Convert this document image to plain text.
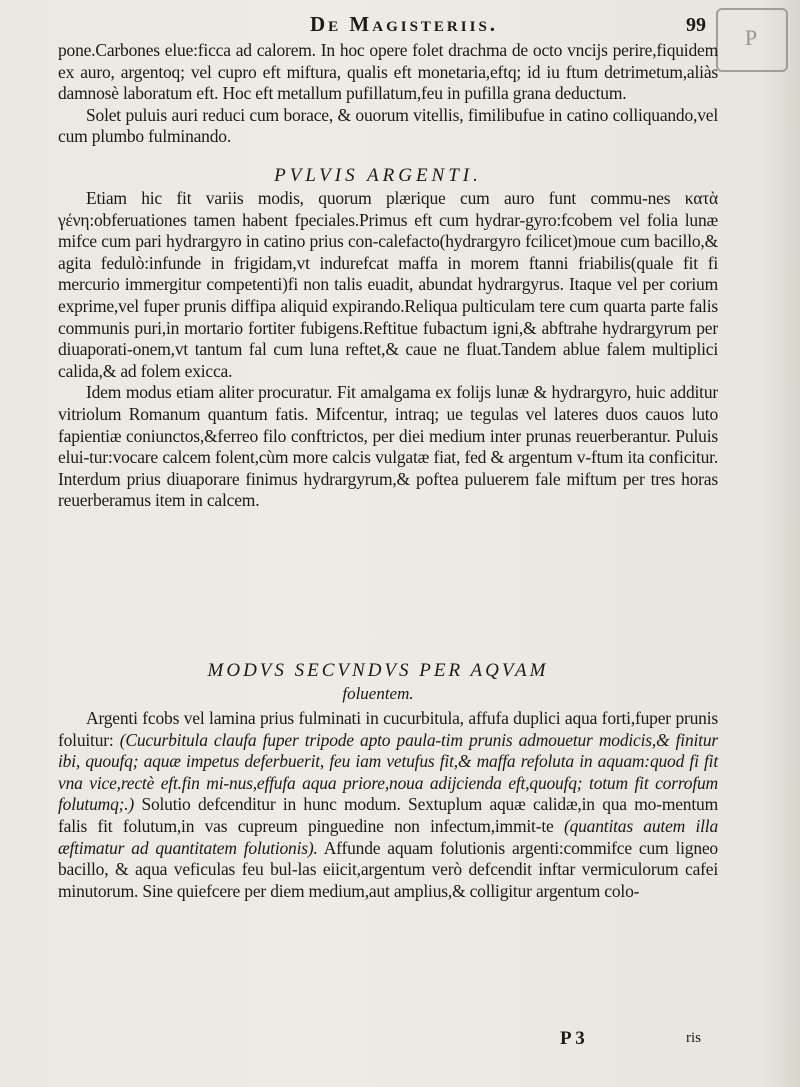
P
De Magisteriis.	99

pone.Carbones elue:ficca ad calorem. In hoc opere folet drachma de octo vncijs perire,fiquidem ex auro, argentoq; vel cupro eft miftura, qualis eft monetaria,eftq; id iu ftum detrimetum,aliàs damnosè laboratum eft. Hoc eft metallum pufillatum,feu in pufilla grana deductum.

Solet puluis auri reduci cum borace, & ouorum vitellis, fimilibufue in catino colliquando,vel cum plumbo fulminando.

PVLVIS ARGENTI.

Etiam hic fit variis modis, quorum plærique cum auro funt commu-nes κατὰ γένη:obferuationes tamen habent fpeciales.Primus eft cum hydrar-gyro:fcobem vel folia lunæ mifce cum pari hydrargyro in catino prius con-calefacto(hydrargyro fcilicet)moue cum bacillo,& agita fedulò:infunde in frigidam,vt indurefcat maffa in morem ftanni friabilis(quale fit fi mercurio immergitur competenti)fi non talis euadit, abundat hydrargyrus. Itaque vel per corium exprime,vel fuper prunis diffipa aliquid expirando.Reliqua pulticulam tere cum quarta parte falis communis puri,in mortario fortiter fubigens.Reftitue fubactum igni,& abftrahe hydrargyrum per diuaporati-onem,vt tantum fal cum luna reftet,& caue ne fluat.Tandem ablue falem multiplici calida,& ad folem exicca.

Idem modus etiam aliter procuratur. Fit amalgama ex folijs lunæ & hydrargyro, huic additur vitriolum Romanum quantum fatis. Mifcentur, intraq; ue tegulas vel lateres duos cauos luto fapientiæ coniunctos,&ferreo filo conftrictos, per diei medium inter prunas reuerberantur. Puluis elui-tur:vocare calcem folent,cùm more calcis vulgatæ fiat, fed & argentum v-ftum ita conficitur. Interdum prius diuaporare finimus hydrargyrum,& poftea puluerem fale miftum per tres horas reuerberamus item in calcem.

MODVS SECVNDVS PER AQVAM
foluentem.

Argenti fcobs vel lamina prius fulminati in cucurbitula, affufa duplici aqua forti,fuper prunis foluitur: (Cucurbitula claufa fuper tripode apto paula-tim prunis admouetur modicis,& finitur ibi, quoufq; aquæ impetus deferbuerit, feu iam vetufus fit,& maffa refoluta in aquam:quod fi fit vna vice,rectè eft.fin mi-nus,effufa aqua priore,noua adijcienda eft,quoufq; totum fit corrofum folutumq;.) Solutio defcenditur in hunc modum. Sextuplum aquæ calidæ,in qua mo-mentum falis fit folutum,in vas cupreum pinguedine non infectum,immit-te (quantitas autem illa æftimatur ad quantitatem folutionis). Affunde aquam folutionis argenti:commifce cum ligneo bacillo, & aqua veficulas feu bul-las eiicit,argentum verò defcendit inftar vermiculorum cafei minutorum. Sine quiefcere per diem medium,aut amplius,& colligitur argentum colo-

P 3	ris
